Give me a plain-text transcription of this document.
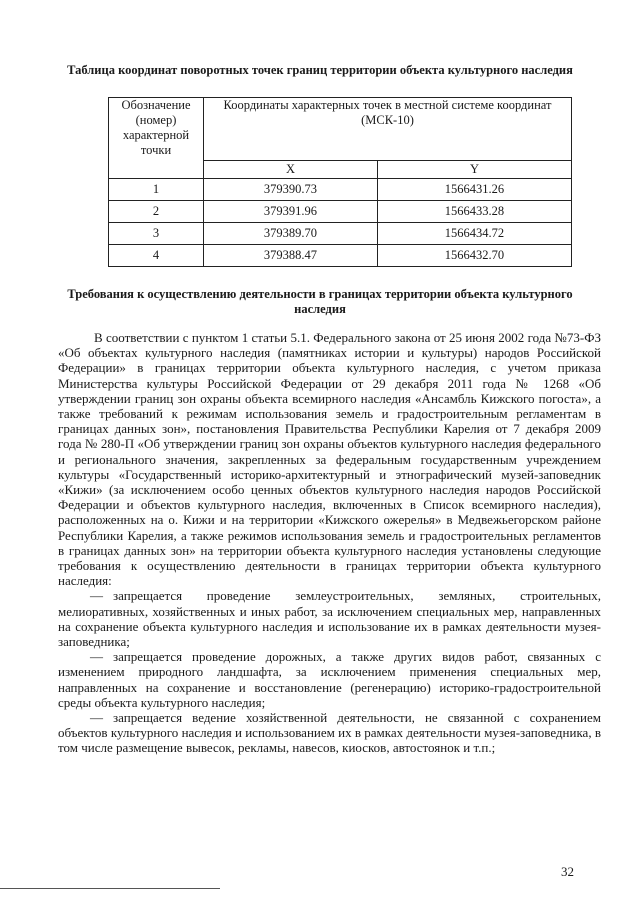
Таблица координат поворотных точек границ территории объекта культурного наследия
Обозначение (номер) характерной точки	Координаты характерных точек в местной системе координат (МСК-10)	
	X	Y
1	379390.73	1566431.26
2	379391.96	1566433.28
3	379389.70	1566434.72
4	379388.47	1566432.70
Требования к осуществлению деятельности в границах территории объекта культурного наследия

В соответствии с пунктом 1 статьи 5.1. Федерального закона от 25 июня 2002 года №73-ФЗ «Об объектах культурного наследия (памятниках истории и культуры) народов Российской Федерации» в границах территории объекта культурного наследия, с учетом приказа Министерства культуры Российской Федерации от 29 декабря 2011 года № 1268 «Об утверждении границ зон охраны объекта всемирного наследия «Ансамбль Кижского погоста», а также требований к режимам использования земель и градостроительным регламентам в границах данных зон», постановления Правительства Республики Карелия от 7 декабря 2009 года № 280-П «Об утверждении границ зон охраны объектов культурного наследия федерального и регионального значения, закрепленных за федеральным государственным учреждением культуры «Государственный историко-архитектурный и этнографический музей-заповедник «Кижи» (за исключением особо ценных объектов культурного наследия народов Российской Федерации и объектов культурного наследия, включенных в Список всемирного наследия), расположенных на о. Кижи и на территории «Кижского ожерелья» в Медвежьегорском районе Республики Карелия, а также режимов использования земель и градостроительных регламентов в границах данных зон» на территории объекта культурного наследия установлены следующие требования к осуществлению деятельности в границах территории объекта культурного наследия:

— запрещается проведение землеустроительных, земляных, строительных, мелиоративных, хозяйственных и иных работ, за исключением специальных мер, направленных на сохранение объекта культурного наследия и использование их в рамках деятельности музея-заповедника;

— запрещается проведение дорожных, а также других видов работ, связанных с изменением природного ландшафта, за исключением применения специальных мер, направленных на сохранение и восстановление (регенерацию) историко-градостроительной среды объекта культурного наследия;

— запрещается ведение хозяйственной деятельности, не связанной с сохранением объектов культурного наследия и использованием их в рамках деятельности музея-заповедника, в том числе размещение вывесок, рекламы, навесов, киосков, автостоянок и т.п.;

32
